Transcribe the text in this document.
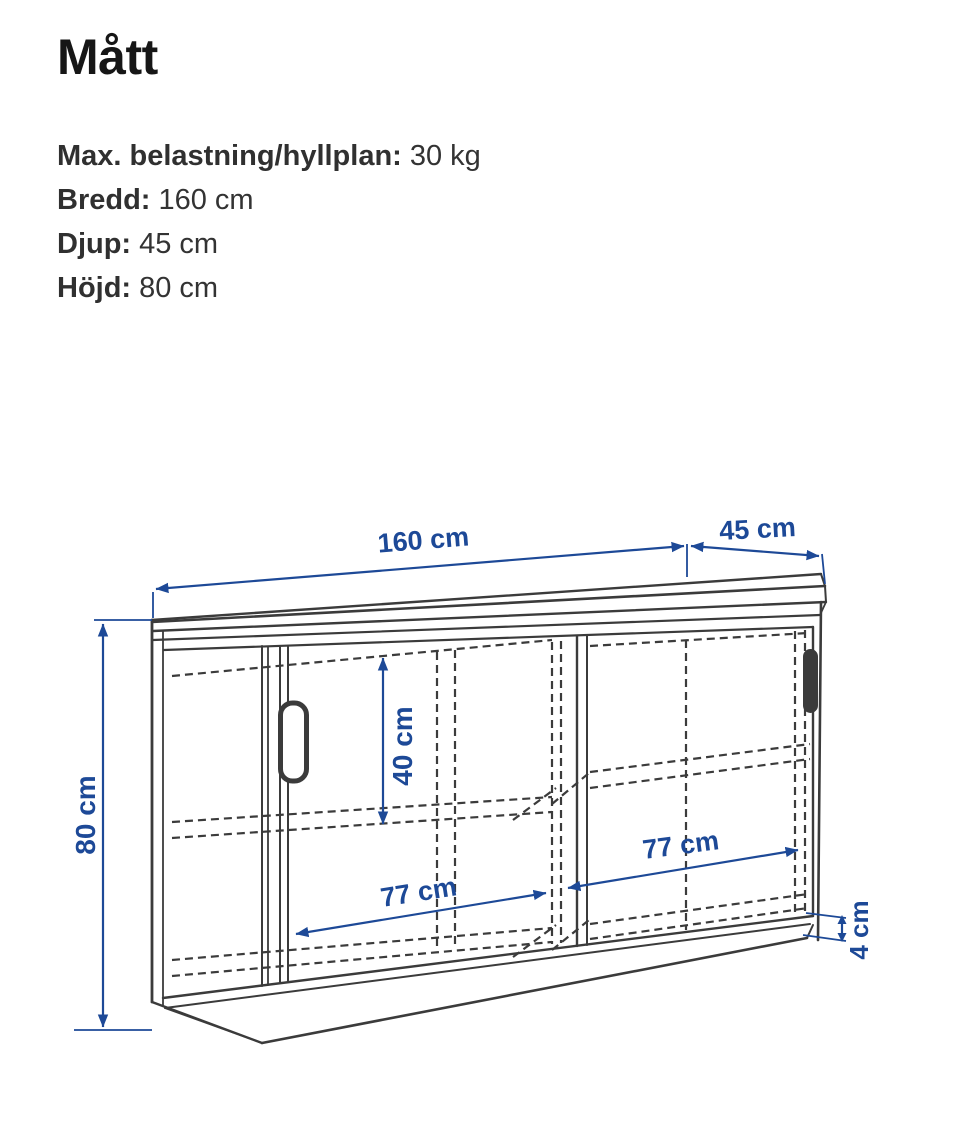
Mått

Max. belastning/hyllplan: 30 kg

Bredd: 160 cm

Djup: 45 cm

Höjd: 80 cm

160 cm	45 cm
80 cm
40 cm
77 cm
77 cm
4 cm
